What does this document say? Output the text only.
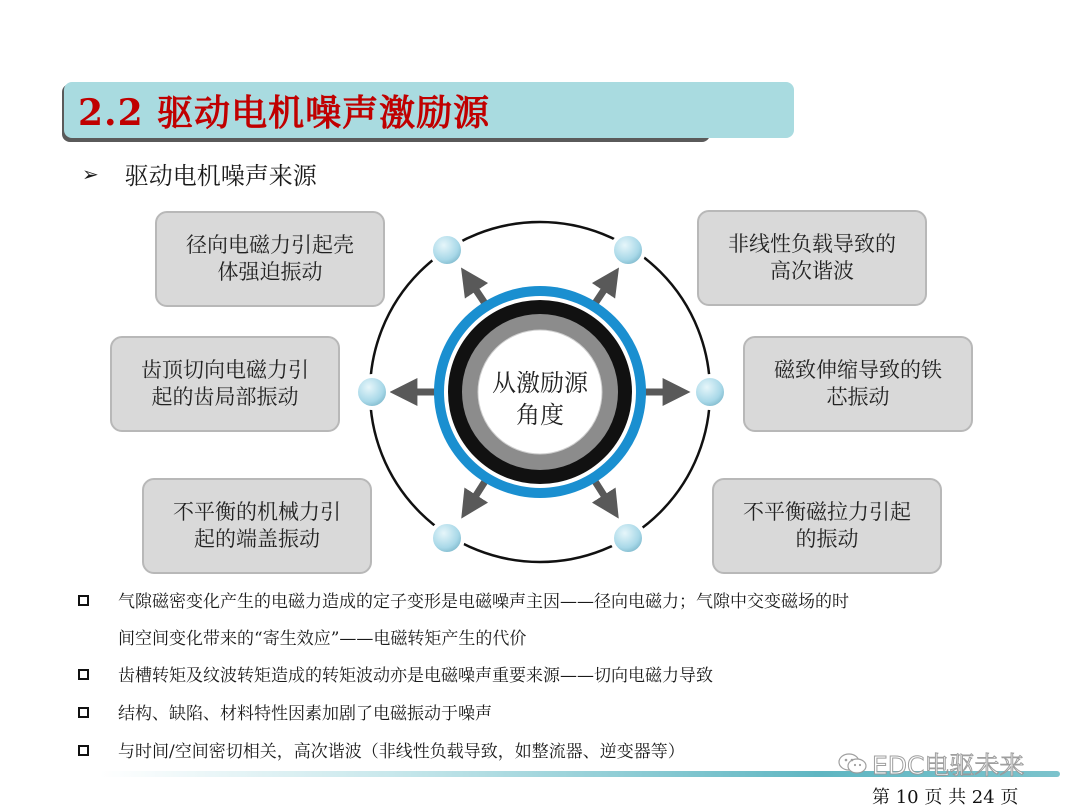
2.2 驱动电机噪声激励源
➢ 驱动电机噪声来源
从激励源
角度
径向电磁力引起壳
体强迫振动
非线性负载导致的
高次谐波
齿顶切向电磁力引
起的齿局部振动
磁致伸缩导致的铁
芯振动
不平衡的机械力引
起的端盖振动
不平衡磁拉力引起
的振动
气隙磁密变化产生的电磁力造成的定子变形是电磁噪声主因——径向电磁力；气隙中交变磁场的时
间空间变化带来的“寄生效应”——电磁转矩产生的代价
齿槽转矩及纹波转矩造成的转矩波动亦是电磁噪声重要来源——切向电磁力导致
结构、缺陷、材料特性因素加剧了电磁振动于噪声
与时间/空间密切相关，高次谐波（非线性负载导致，如整流器、逆变器等）	EDC电驱未来
第 10 页 共 24 页
